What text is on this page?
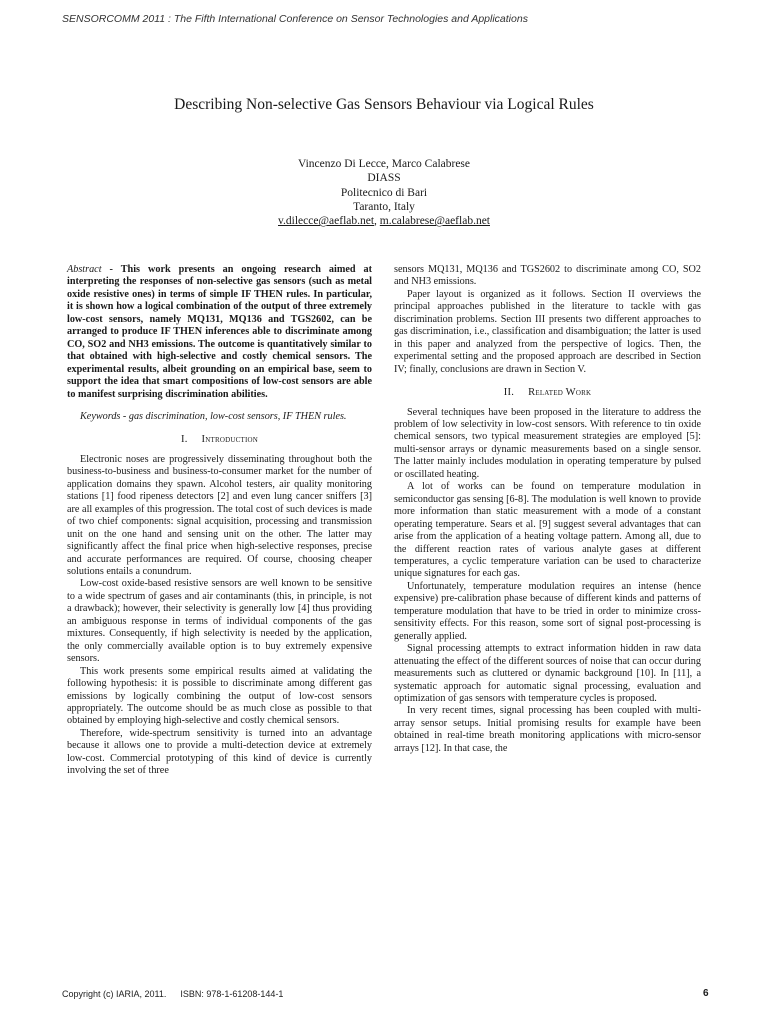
SENSORCOMM 2011 : The Fifth International Conference on Sensor Technologies and Applications
Describing Non-selective Gas Sensors Behaviour via Logical Rules
Vincenzo Di Lecce, Marco Calabrese
DIASS
Politecnico di Bari
Taranto, Italy
v.dilecce@aeflab.net, m.calabrese@aeflab.net

Abstract - This work presents an ongoing research aimed at interpreting the responses of non-selective gas sensors (such as metal oxide resistive ones) in terms of simple IF THEN rules. In particular, it is shown how a logical combination of the output of three extremely low-cost sensors, namely MQ131, MQ136 and TGS2602, can be arranged to produce IF THEN inferences able to discriminate among CO, SO2 and NH3 emissions. The outcome is quantitatively similar to that obtained with high-selective and costly chemical sensors. The experimental results, albeit grounding on an empirical base, seem to support the idea that smart compositions of low-cost sensors are able to manifest surprising discrimination abilities.

Keywords - gas discrimination, low-cost sensors, IF THEN rules.

I. Introduction

Electronic noses are progressively disseminating throughout both the business-to-business and business-to-consumer market for the number of application domains they spawn. Alcohol testers, air quality monitoring stations [1] food ripeness detectors [2] and even lung cancer sniffers [3] are all examples of this progression. The total cost of such devices is made of two chief components: signal acquisition, processing and transmission unit on the one hand and sensing unit on the other. The latter may significantly affect the final price when high-selective responses, precise and accurate performances are required. Of course, choosing cheaper solutions entails a conundrum.

Low-cost oxide-based resistive sensors are well known to be sensitive to a wide spectrum of gases and air contaminants (this, in principle, is not a drawback); however, their selectivity is generally low [4] thus providing an ambiguous response in terms of individual components of the gas mixtures. Consequently, if high selectivity is needed by the application, the only commercially available option is to buy extremely expensive sensors.

This work presents some empirical results aimed at validating the following hypothesis: it is possible to discriminate among different gas emissions by logically combining the output of low-cost sensors appropriately. The outcome should be as much close as possible to that obtained by employing high-selective and costly chemical sensors.

Therefore, wide-spectrum sensitivity is turned into an advantage because it allows one to provide a multi-detection device at extremely low-cost. Commercial prototyping of this kind of device is currently involving the set of three

sensors MQ131, MQ136 and TGS2602 to discriminate among CO, SO2 and NH3 emissions.

Paper layout is organized as it follows. Section II overviews the principal approaches published in the literature to tackle with gas discrimination problems. Section III presents two different approaches to gas discrimination, i.e., classification and disambiguation; the latter is used in this paper and analyzed from the perspective of logics. Then, the experimental setting and the proposed approach are described in Section IV; finally, conclusions are drawn in Section V.

II. Related Work

Several techniques have been proposed in the literature to address the problem of low selectivity in low-cost sensors. With reference to tin oxide chemical sensors, two typical measurement strategies are employed [5]: multi-sensor arrays or dynamic measurements based on a single sensor. The latter mainly includes modulation in operating temperature by pulsed or oscillated heating.

A lot of works can be found on temperature modulation in semiconductor gas sensing [6-8]. The modulation is well known to provide more information than static measurement with a mode of a constant operating temperature. Sears et al. [9] suggest several advantages that can arise from the application of a heating voltage pattern. Among all, due to the different reaction rates of various analyte gases at different temperatures, a cyclic temperature variation can be used to characterize unique signatures for each gas.

Unfortunately, temperature modulation requires an intense (hence expensive) pre-calibration phase because of different kinds and patterns of temperature modulation that have to be tried in order to minimize cross-sensitivity effects. For this reason, some sort of signal post-processing is generally applied.

Signal processing attempts to extract information hidden in raw data attenuating the effect of the different sources of noise that can occur during measurements such as cluttered or dynamic background [10]. In [11], a systematic approach for automatic signal processing, evaluation and optimization of gas sensors with temperature cycles is proposed.

In very recent times, signal processing has been coupled with multi-array sensor setups. Initial promising results for example have been obtained in real-time breath monitoring applications with micro-sensor arrays [12]. In that case, the

Copyright (c) IARIA, 2011. ISBN: 978-1-61208-144-1	6
